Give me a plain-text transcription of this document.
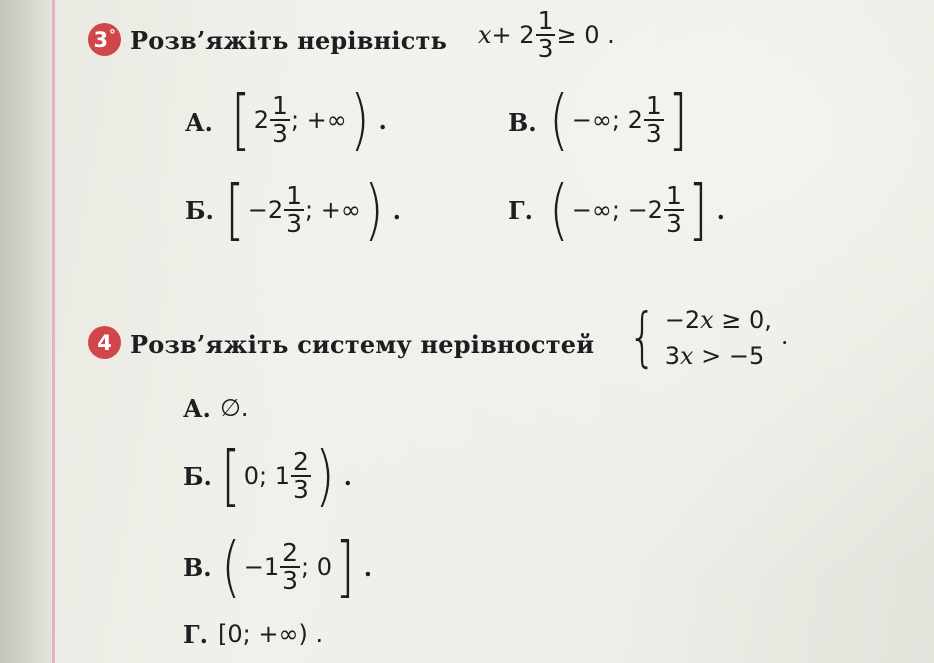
3 ° Розв’яжіть нерівність $x + 2 \frac{1}{3} \ge 0$ .
А. [ $2 \frac{1}{3}$ ; +∞ ) .
Б. [ $-2 \frac{1}{3}$ ; +∞ ) .
В. ( −∞; $2 \frac{1}{3}$ ]
Г. ( −∞; $-2 \frac{1}{3}$ ] .
4 Розв’яжіть систему нерівностей { −2x ≥ 0,
3x > −5
.
А. ∅.
Б. [ 0; $1 \frac{2}{3}$ ) .
В. ( $-1 \frac{2}{3}$ ; 0 ] .
Г. [0; +∞) .
